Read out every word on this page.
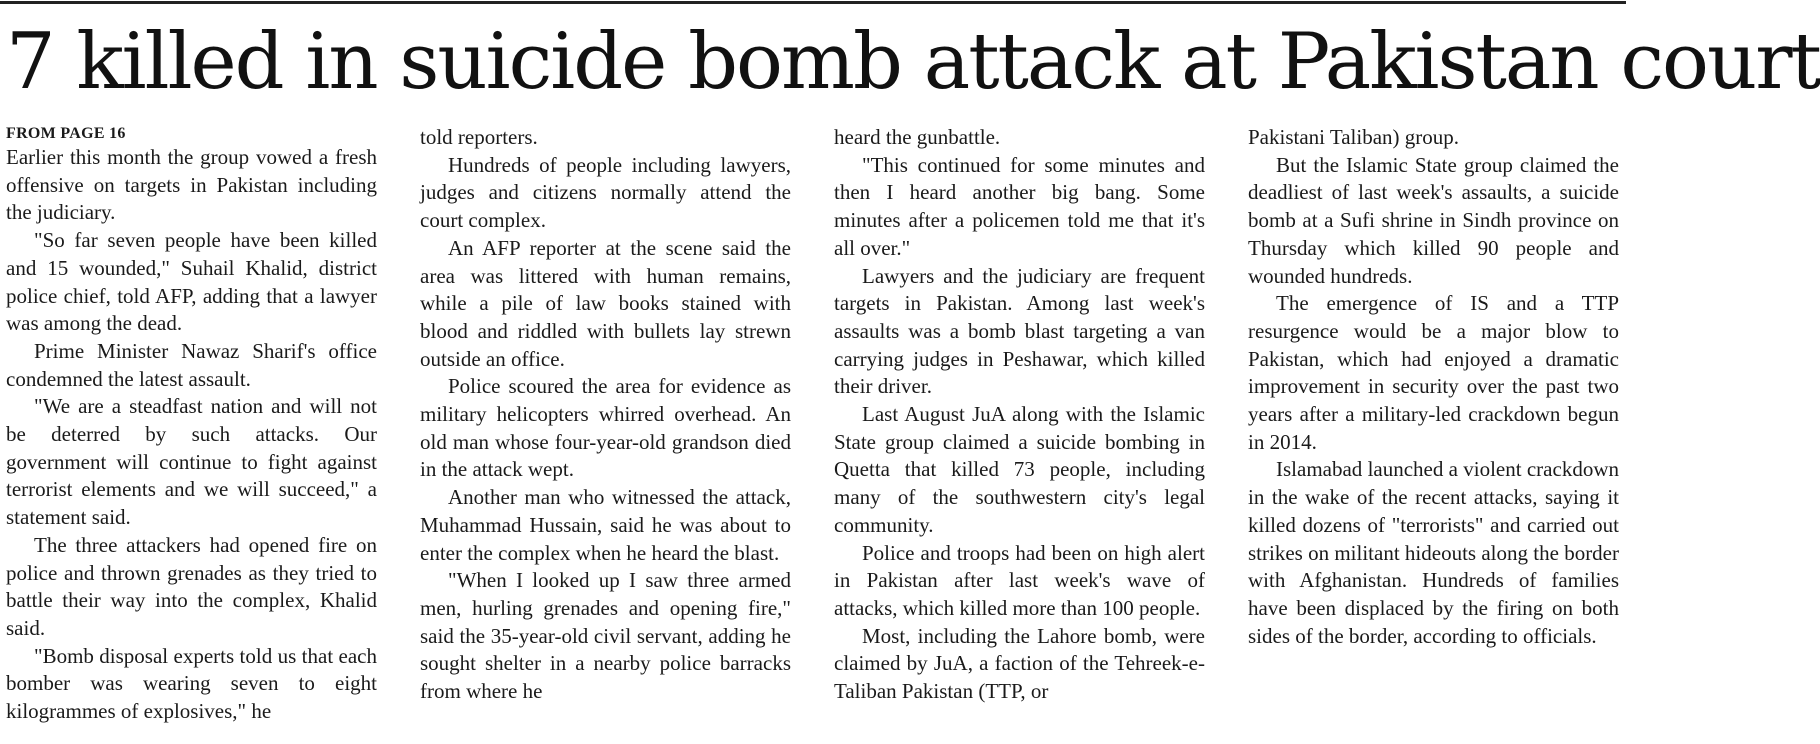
7 killed in suicide bomb attack at Pakistan court
FROM PAGE 16

Earlier this month the group vowed a fresh offensive on targets in Pakistan including the judiciary.

"So far seven people have been killed and 15 wounded," Suhail Khalid, district police chief, told AFP, adding that a lawyer was among the dead.

Prime Minister Nawaz Sharif's office condemned the latest assault.

"We are a steadfast nation and will not be deterred by such attacks. Our government will continue to fight against terrorist elements and we will succeed," a statement said.

The three attackers had opened fire on police and thrown grenades as they tried to battle their way into the complex, Khalid said.

"Bomb disposal experts told us that each bomber was wearing seven to eight kilogrammes of explosives," he

told reporters.

Hundreds of people including lawyers, judges and citizens normally attend the court complex.

An AFP reporter at the scene said the area was littered with human remains, while a pile of law books stained with blood and riddled with bullets lay strewn outside an office.

Police scoured the area for evidence as military helicopters whirred overhead. An old man whose four-year-old grandson died in the attack wept.

Another man who witnessed the attack, Muhammad Hussain, said he was about to enter the complex when he heard the blast.

"When I looked up I saw three armed men, hurling grenades and opening fire," said the 35-year-old civil servant, adding he sought shelter in a nearby police barracks from where he

heard the gunbattle.

"This continued for some minutes and then I heard another big bang. Some minutes after a policemen told me that it's all over."

Lawyers and the judiciary are frequent targets in Pakistan. Among last week's assaults was a bomb blast targeting a van carrying judges in Peshawar, which killed their driver.

Last August JuA along with the Islamic State group claimed a suicide bombing in Quetta that killed 73 people, including many of the southwestern city's legal community.

Police and troops had been on high alert in Pakistan after last week's wave of attacks, which killed more than 100 people.

Most, including the Lahore bomb, were claimed by JuA, a faction of the Tehreek-e-Taliban Pakistan (TTP, or

Pakistani Taliban) group.

But the Islamic State group claimed the deadliest of last week's assaults, a suicide bomb at a Sufi shrine in Sindh province on Thursday which killed 90 people and wounded hundreds.

The emergence of IS and a TTP resurgence would be a major blow to Pakistan, which had enjoyed a dramatic improvement in security over the past two years after a military-led crackdown begun in 2014.

Islamabad launched a violent crackdown in the wake of the recent attacks, saying it killed dozens of "terrorists" and carried out strikes on militant hideouts along the border with Afghanistan. Hundreds of families have been displaced by the firing on both sides of the border, according to officials.
